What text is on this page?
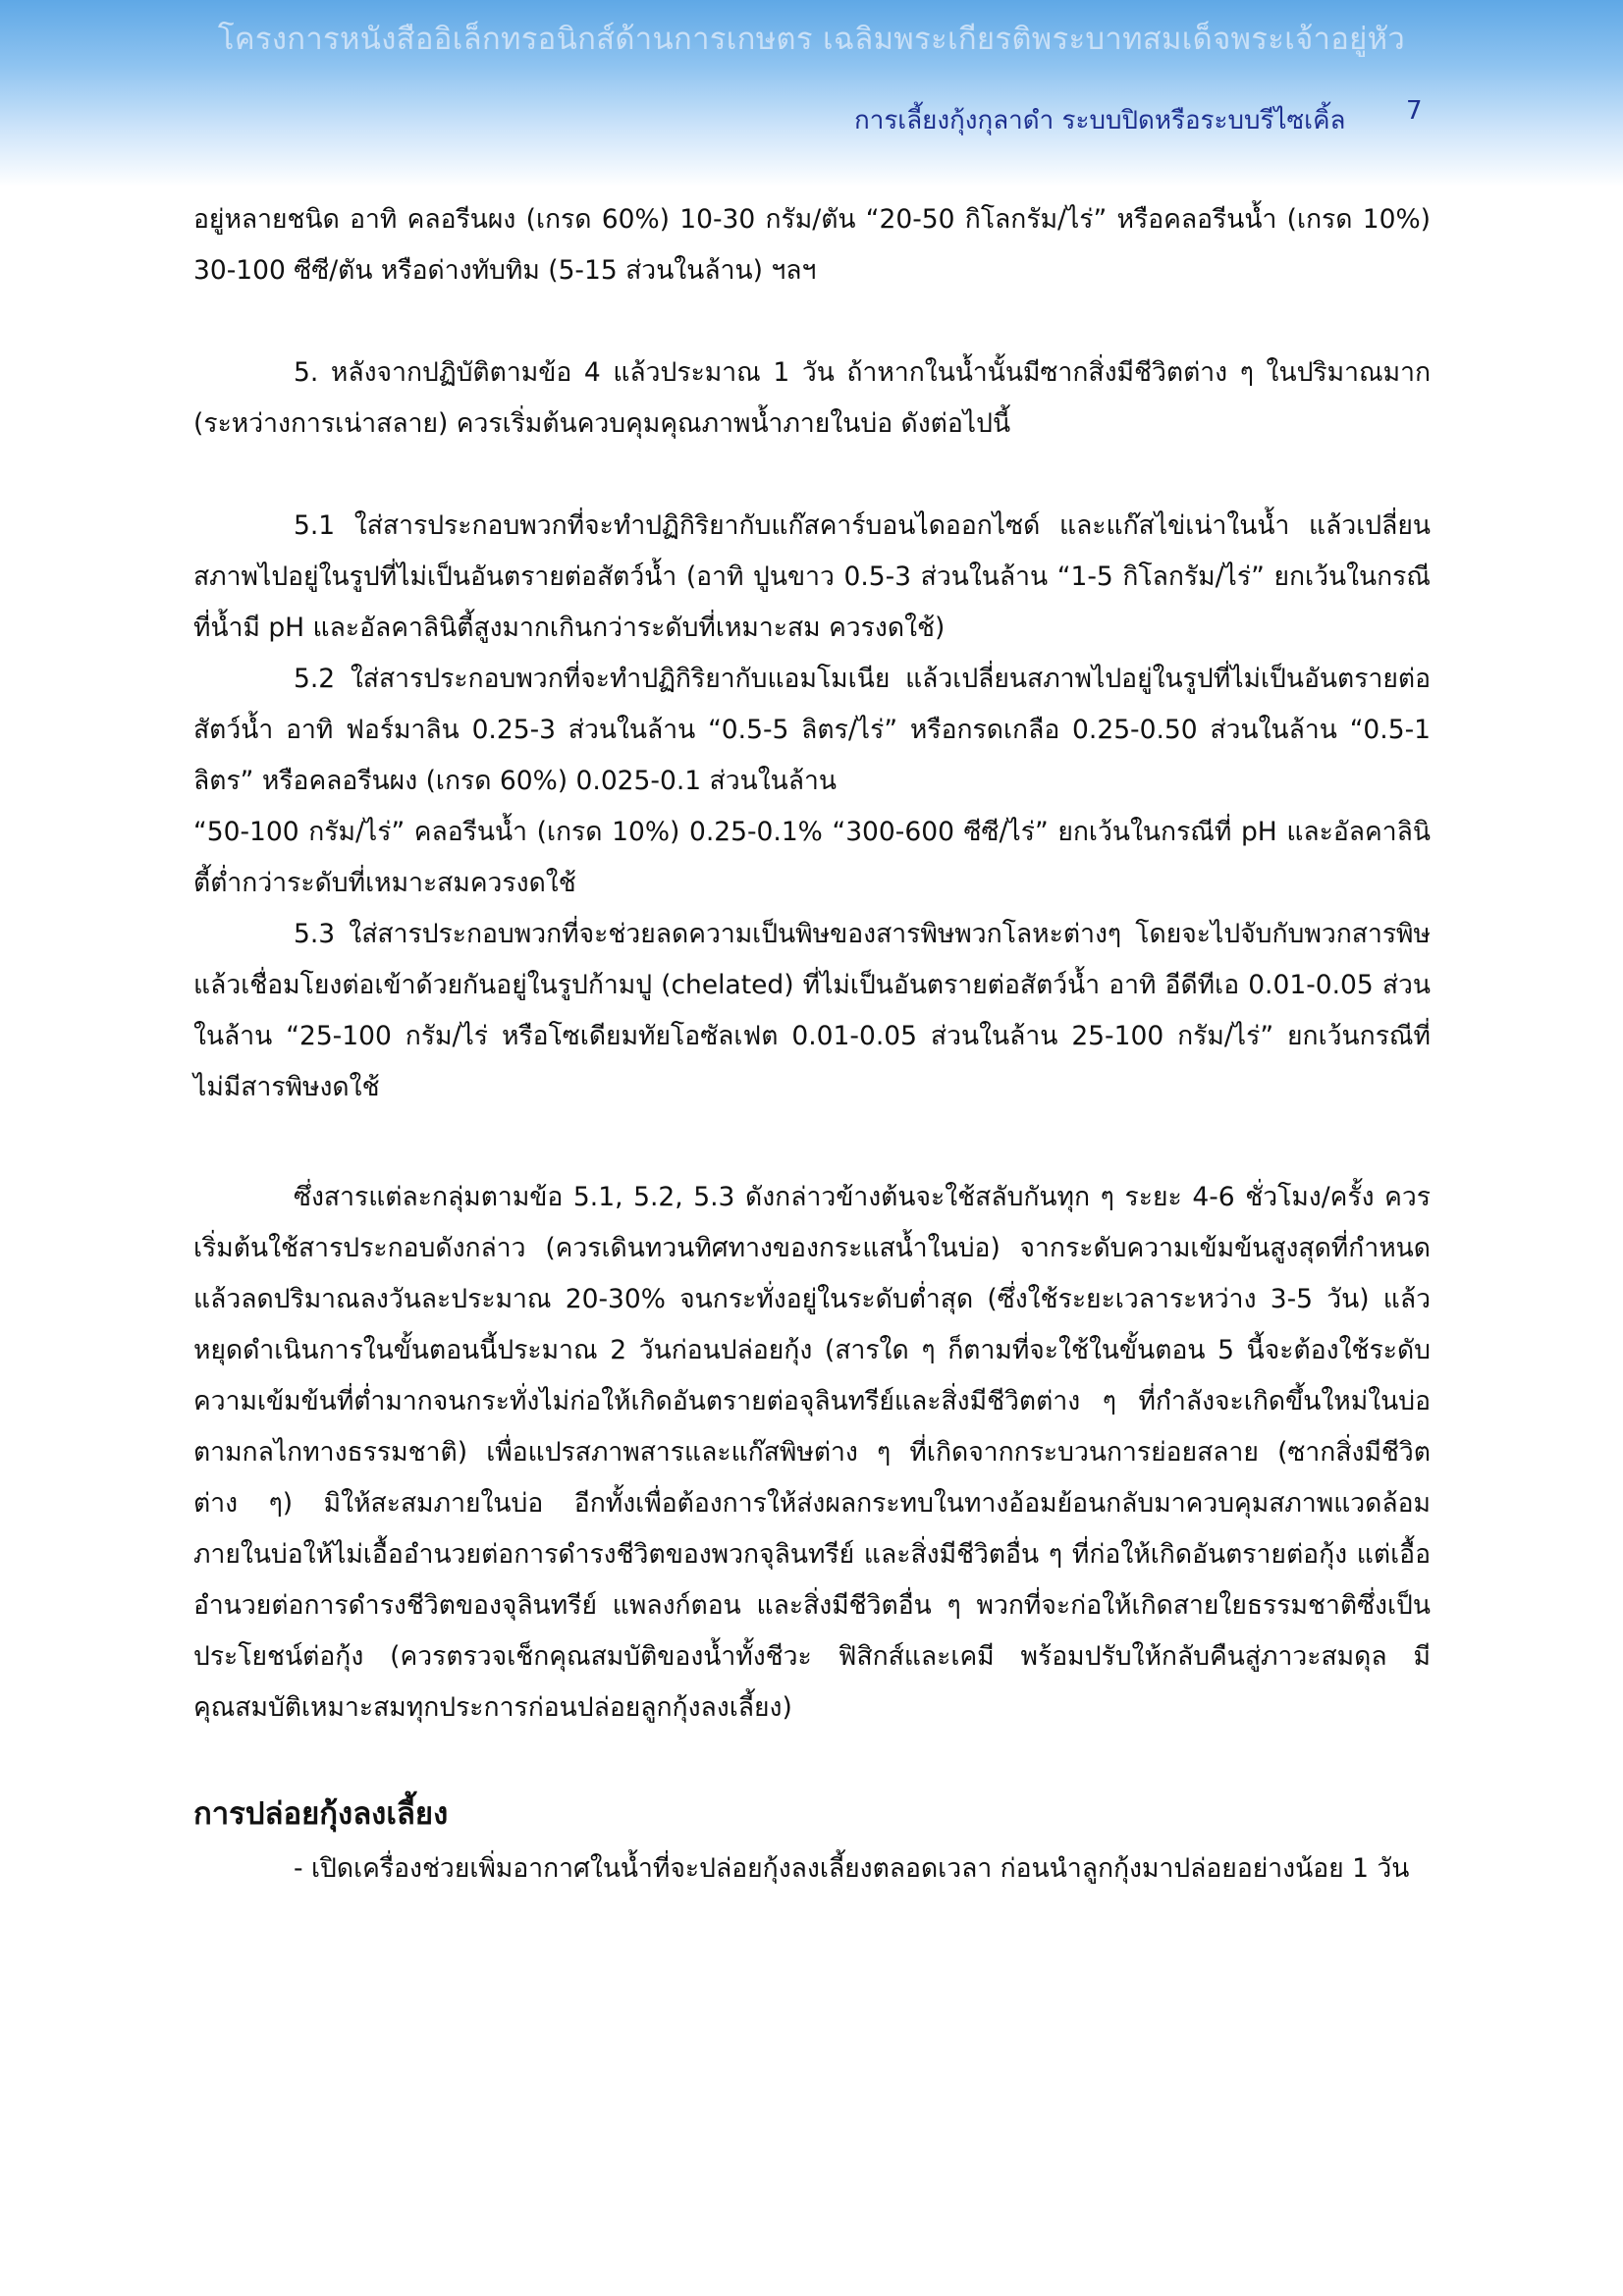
โครงการหนังสืออิเล็กทรอนิกส์ด้านการเกษตร เฉลิมพระเกียรติพระบาทสมเด็จพระเจ้าอยู่หัว
การเลี้ยงกุ้งกุลาดำ ระบบปิดหรือระบบรีไซเคิ้ล 7

อยู่หลายชนิด อาทิ คลอรีนผง (เกรด 60%) 10-30 กรัม/ตัน “20-50 กิโลกรัม/ไร่” หรือคลอรีนน้ำ (เกรด 10%) 30-100 ซีซี/ตัน หรือด่างทับทิม (5-15 ส่วนในล้าน) ฯลฯ

5. หลังจากปฏิบัติตามข้อ 4 แล้วประมาณ 1 วัน ถ้าหากในน้ำนั้นมีซากสิ่งมีชีวิตต่าง ๆ ในปริมาณมาก (ระหว่างการเน่าสลาย) ควรเริ่มต้นควบคุมคุณภาพน้ำภายในบ่อ ดังต่อไปนี้

5.1 ใส่สารประกอบพวกที่จะทำปฏิกิริยากับแก๊สคาร์บอนไดออกไซด์ และแก๊สไข่เน่าในน้ำ แล้วเปลี่ยนสภาพไปอยู่ในรูปที่ไม่เป็นอันตรายต่อสัตว์น้ำ (อาทิ ปูนขาว 0.5-3 ส่วนในล้าน “1-5 กิโลกรัม/ไร่” ยกเว้นในกรณีที่น้ำมี pH และอัลคาลินิตี้สูงมากเกินกว่าระดับที่เหมาะสม ควรงดใช้)

5.2 ใส่สารประกอบพวกที่จะทำปฏิกิริยากับแอมโมเนีย แล้วเปลี่ยนสภาพไปอยู่ในรูปที่ไม่เป็นอันตรายต่อสัตว์น้ำ อาทิ ฟอร์มาลิน 0.25-3 ส่วนในล้าน “0.5-5 ลิตร/ไร่” หรือกรดเกลือ 0.25-0.50 ส่วนในล้าน “0.5-1 ลิตร” หรือคลอรีนผง (เกรด 60%) 0.025-0.1 ส่วนในล้าน

“50-100 กรัม/ไร่” คลอรีนน้ำ (เกรด 10%) 0.25-0.1% “300-600 ซีซี/ไร่” ยกเว้นในกรณีที่ pH และอัลคาลินิตี้ต่ำกว่าระดับที่เหมาะสมควรงดใช้

5.3 ใส่สารประกอบพวกที่จะช่วยลดความเป็นพิษของสารพิษพวกโลหะต่างๆ โดยจะไปจับกับพวกสารพิษแล้วเชื่อมโยงต่อเข้าด้วยกันอยู่ในรูปก้ามปู (chelated) ที่ไม่เป็นอันตรายต่อสัตว์น้ำ อาทิ อีดีทีเอ 0.01-0.05 ส่วนในล้าน “25-100 กรัม/ไร่ หรือโซเดียมทัยโอซัลเฟต 0.01-0.05 ส่วนในล้าน 25-100 กรัม/ไร่” ยกเว้นกรณีที่ไม่มีสารพิษงดใช้

ซึ่งสารแต่ละกลุ่มตามข้อ 5.1, 5.2, 5.3 ดังกล่าวข้างต้นจะใช้สลับกันทุก ๆ ระยะ 4-6 ชั่วโมง/ครั้ง ควรเริ่มต้นใช้สารประกอบดังกล่าว (ควรเดินทวนทิศทางของกระแสน้ำในบ่อ) จากระดับความเข้มข้นสูงสุดที่กำหนด แล้วลดปริมาณลงวันละประมาณ 20-30% จนกระทั่งอยู่ในระดับต่ำสุด (ซึ่งใช้ระยะเวลาระหว่าง 3-5 วัน) แล้วหยุดดำเนินการในขั้นตอนนี้ประมาณ 2 วันก่อนปล่อยกุ้ง (สารใด ๆ ก็ตามที่จะใช้ในขั้นตอน 5 นี้จะต้องใช้ระดับความเข้มข้นที่ต่ำมากจนกระทั่งไม่ก่อให้เกิดอันตรายต่อจุลินทรีย์และสิ่งมีชีวิตต่าง ๆ ที่กำลังจะเกิดขึ้นใหม่ในบ่อตามกลไกทางธรรมชาติ) เพื่อแปรสภาพสารและแก๊สพิษต่าง ๆ ที่เกิดจากกระบวนการย่อยสลาย (ซากสิ่งมีชีวิตต่าง ๆ) มิให้สะสมภายในบ่อ อีกทั้งเพื่อต้องการให้ส่งผลกระทบในทางอ้อมย้อนกลับมาควบคุมสภาพแวดล้อมภายในบ่อให้ไม่เอื้ออำนวยต่อการดำรงชีวิตของพวกจุลินทรีย์ และสิ่งมีชีวิตอื่น ๆ ที่ก่อให้เกิดอันตรายต่อกุ้ง แต่เอื้ออำนวยต่อการดำรงชีวิตของจุลินทรีย์ แพลงก์ตอน และสิ่งมีชีวิตอื่น ๆ พวกที่จะก่อให้เกิดสายใยธรรมชาติซึ่งเป็นประโยชน์ต่อกุ้ง (ควรตรวจเช็กคุณสมบัติของน้ำทั้งชีวะ ฟิสิกส์และเคมี พร้อมปรับให้กลับคืนสู่ภาวะสมดุล มีคุณสมบัติเหมาะสมทุกประการก่อนปล่อยลูกกุ้งลงเลี้ยง)

การปล่อยกุ้งลงเลี้ยง

- เปิดเครื่องช่วยเพิ่มอากาศในน้ำที่จะปล่อยกุ้งลงเลี้ยงตลอดเวลา ก่อนนำลูกกุ้งมาปล่อยอย่างน้อย 1 วัน
